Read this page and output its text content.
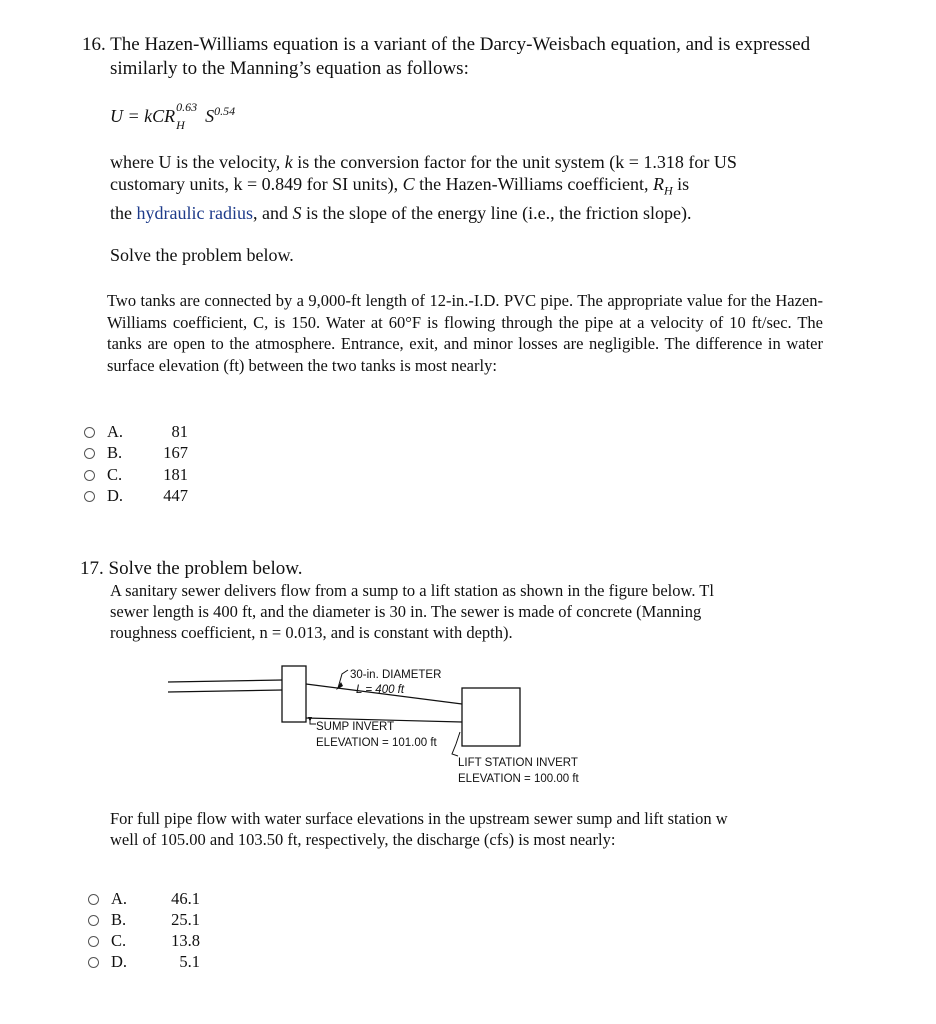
16. The Hazen-Williams equation is a variant of the Darcy-Weisbach equation, and is expressed
similarly to the Manning’s equation as follows:
U = kCR 0.63
H $S^{0.54}$
where U is the velocity, k is the conversion factor for the unit system (k = 1.318 for US
customary units, k = 0.849 for SI units), C the Hazen-Williams coefficient, $R_H$ is
the hydraulic radius, and S is the slope of the energy line (i.e., the friction slope).
Solve the problem below.
Two tanks are connected by a 9,000-ft length of 12-in.-I.D. PVC pipe. The appropriate value for the Hazen-Williams coefficient, C, is 150. Water at 60°F is flowing through the pipe at a velocity of 10 ft/sec. The tanks are open to the atmosphere. Entrance, exit, and minor losses are negligible. The difference in water surface elevation (ft) between the two tanks is most nearly:
A.	81
B.	167
C.	181
D.	447
17. Solve the problem below.
A sanitary sewer delivers flow from a sump to a lift station as shown in the figure below. Tl
sewer length is 400 ft, and the diameter is 30 in. The sewer is made of concrete (Manning
roughness coefficient, n = 0.013, and is constant with depth).
30-in. DIAMETER
L = 400 ft
SUMP INVERT
ELEVATION = 101.00 ft
LIFT STATION INVERT
ELEVATION = 100.00 ft
For full pipe flow with water surface elevations in the upstream sewer sump and lift station w
well of 105.00 and 103.50 ft, respectively, the discharge (cfs) is most nearly:
A.	46.1
B.	25.1
C.	13.8
D.	5.1
